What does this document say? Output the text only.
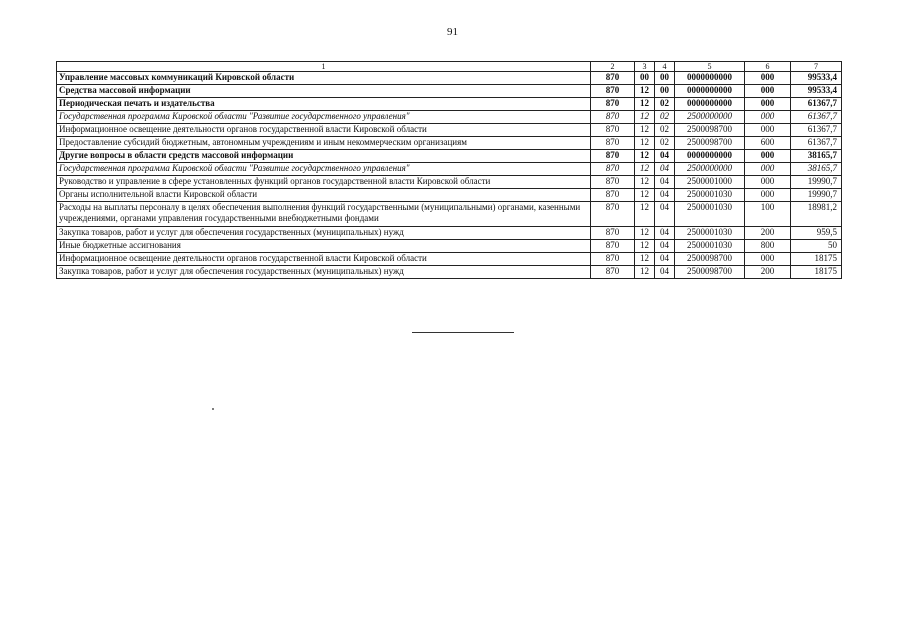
91
1	2	3	4	5	6	7
Управление массовых коммуникаций Кировской области	870	00	00	0000000000	000	99533,4
Средства массовой информации	870	12	00	0000000000	000	99533,4
Периодическая печать и издательства	870	12	02	0000000000	000	61367,7
Государственная программа Кировской области "Развитие государственного управления"	870	12	02	2500000000	000	61367,7
Информационное освещение деятельности органов государственной власти Кировской области	870	12	02	2500098700	000	61367,7
Предоставление субсидий бюджетным, автономным учреждениям и иным некоммерческим организациям	870	12	02	2500098700	600	61367,7
Другие вопросы в области средств массовой информации	870	12	04	0000000000	000	38165,7
Государственная программа Кировской области "Развитие государственного управления"	870	12	04	2500000000	000	38165,7
Руководство и управление в сфере установленных функций органов государственной власти Кировской области	870	12	04	2500001000	000	19990,7
Органы исполнительной власти Кировской области	870	12	04	2500001030	000	19990,7
Расходы на выплаты персоналу в целях обеспечения выполнения функций государственными (муниципальными) органами, казенными учреждениями, органами управления государственными внебюджетными фондами	870	12	04	2500001030	100	18981,2
Закупка товаров, работ и услуг для обеспечения государственных (муниципальных) нужд	870	12	04	2500001030	200	959,5
Иные бюджетные ассигнования	870	12	04	2500001030	800	50
Информационное освещение деятельности органов государственной власти Кировской области	870	12	04	2500098700	000	18175
Закупка товаров, работ и услуг для обеспечения государственных (муниципальных) нужд	870	12	04	2500098700	200	18175
